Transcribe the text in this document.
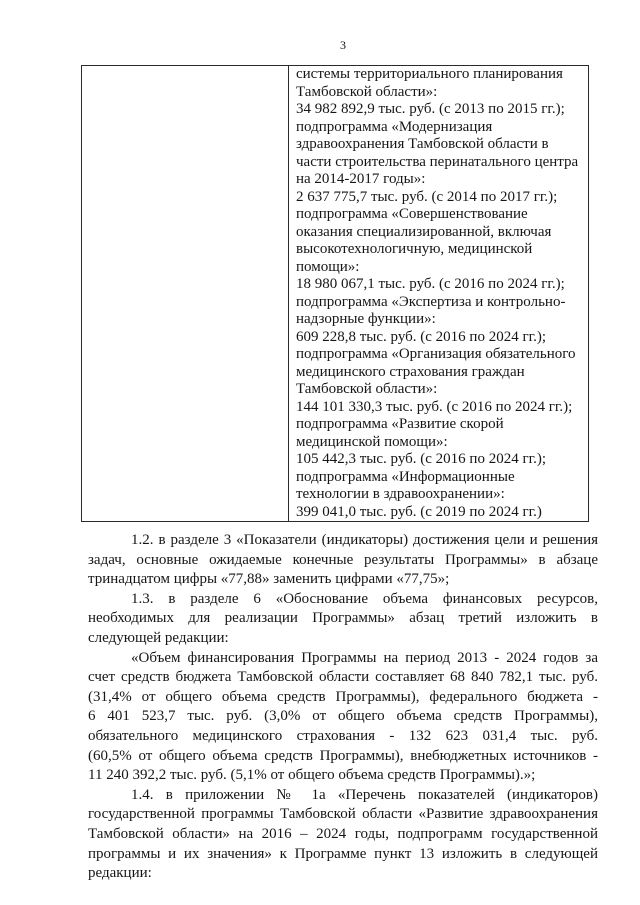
3
системы территориального планирования
Тамбовской области»:
34 982 892,9 тыс. руб. (с 2013 по 2015 гг.);
подпрограмма «Модернизация
здравоохранения Тамбовской области в
части строительства перинатального центра
на 2014-2017 годы»:
2 637 775,7 тыс. руб. (с 2014 по 2017 гг.);
подпрограмма «Совершенствование
оказания специализированной, включая
высокотехнологичную, медицинской
помощи»:
18 980 067,1 тыс. руб. (с 2016 по 2024 гг.);
подпрограмма «Экспертиза и контрольно-
надзорные функции»:
609 228,8 тыс. руб. (с 2016 по 2024 гг.);
подпрограмма «Организация обязательного
медицинского страхования граждан
Тамбовской области»:
144 101 330,3 тыс. руб. (с 2016 по 2024 гг.);
подпрограмма «Развитие скорой
медицинской помощи»:
105 442,3 тыс. руб. (с 2016 по 2024 гг.);
подпрограмма «Информационные
технологии в здравоохранении»:
399 041,0 тыс. руб. (с 2019 по 2024 гг.)
1.2. в разделе 3 «Показатели (индикаторы) достижения цели и решения
задач, основные ожидаемые конечные результаты Программы» в абзаце
тринадцатом цифры «77,88» заменить цифрами «77,75»;
1.3. в разделе 6 «Обоснование объема финансовых ресурсов,
необходимых для реализации Программы» абзац третий изложить в
следующей редакции:
«Объем финансирования Программы на период 2013 - 2024 годов за
счет средств бюджета Тамбовской области составляет 68 840 782,1 тыс. руб.
(31,4% от общего объема средств Программы), федерального бюджета -
6 401 523,7 тыс. руб. (3,0% от общего объема средств Программы),
обязательного медицинского страхования - 132 623 031,4 тыс. руб.
(60,5% от общего объема средств Программы), внебюджетных источников -
11 240 392,2 тыс. руб. (5,1% от общего объема средств Программы).»;
1.4. в приложении № 1а «Перечень показателей (индикаторов)
государственной программы Тамбовской области «Развитие здравоохранения
Тамбовской области» на 2016 – 2024 годы, подпрограмм государственной
программы и их значения» к Программе пункт 13 изложить в следующей
редакции:
